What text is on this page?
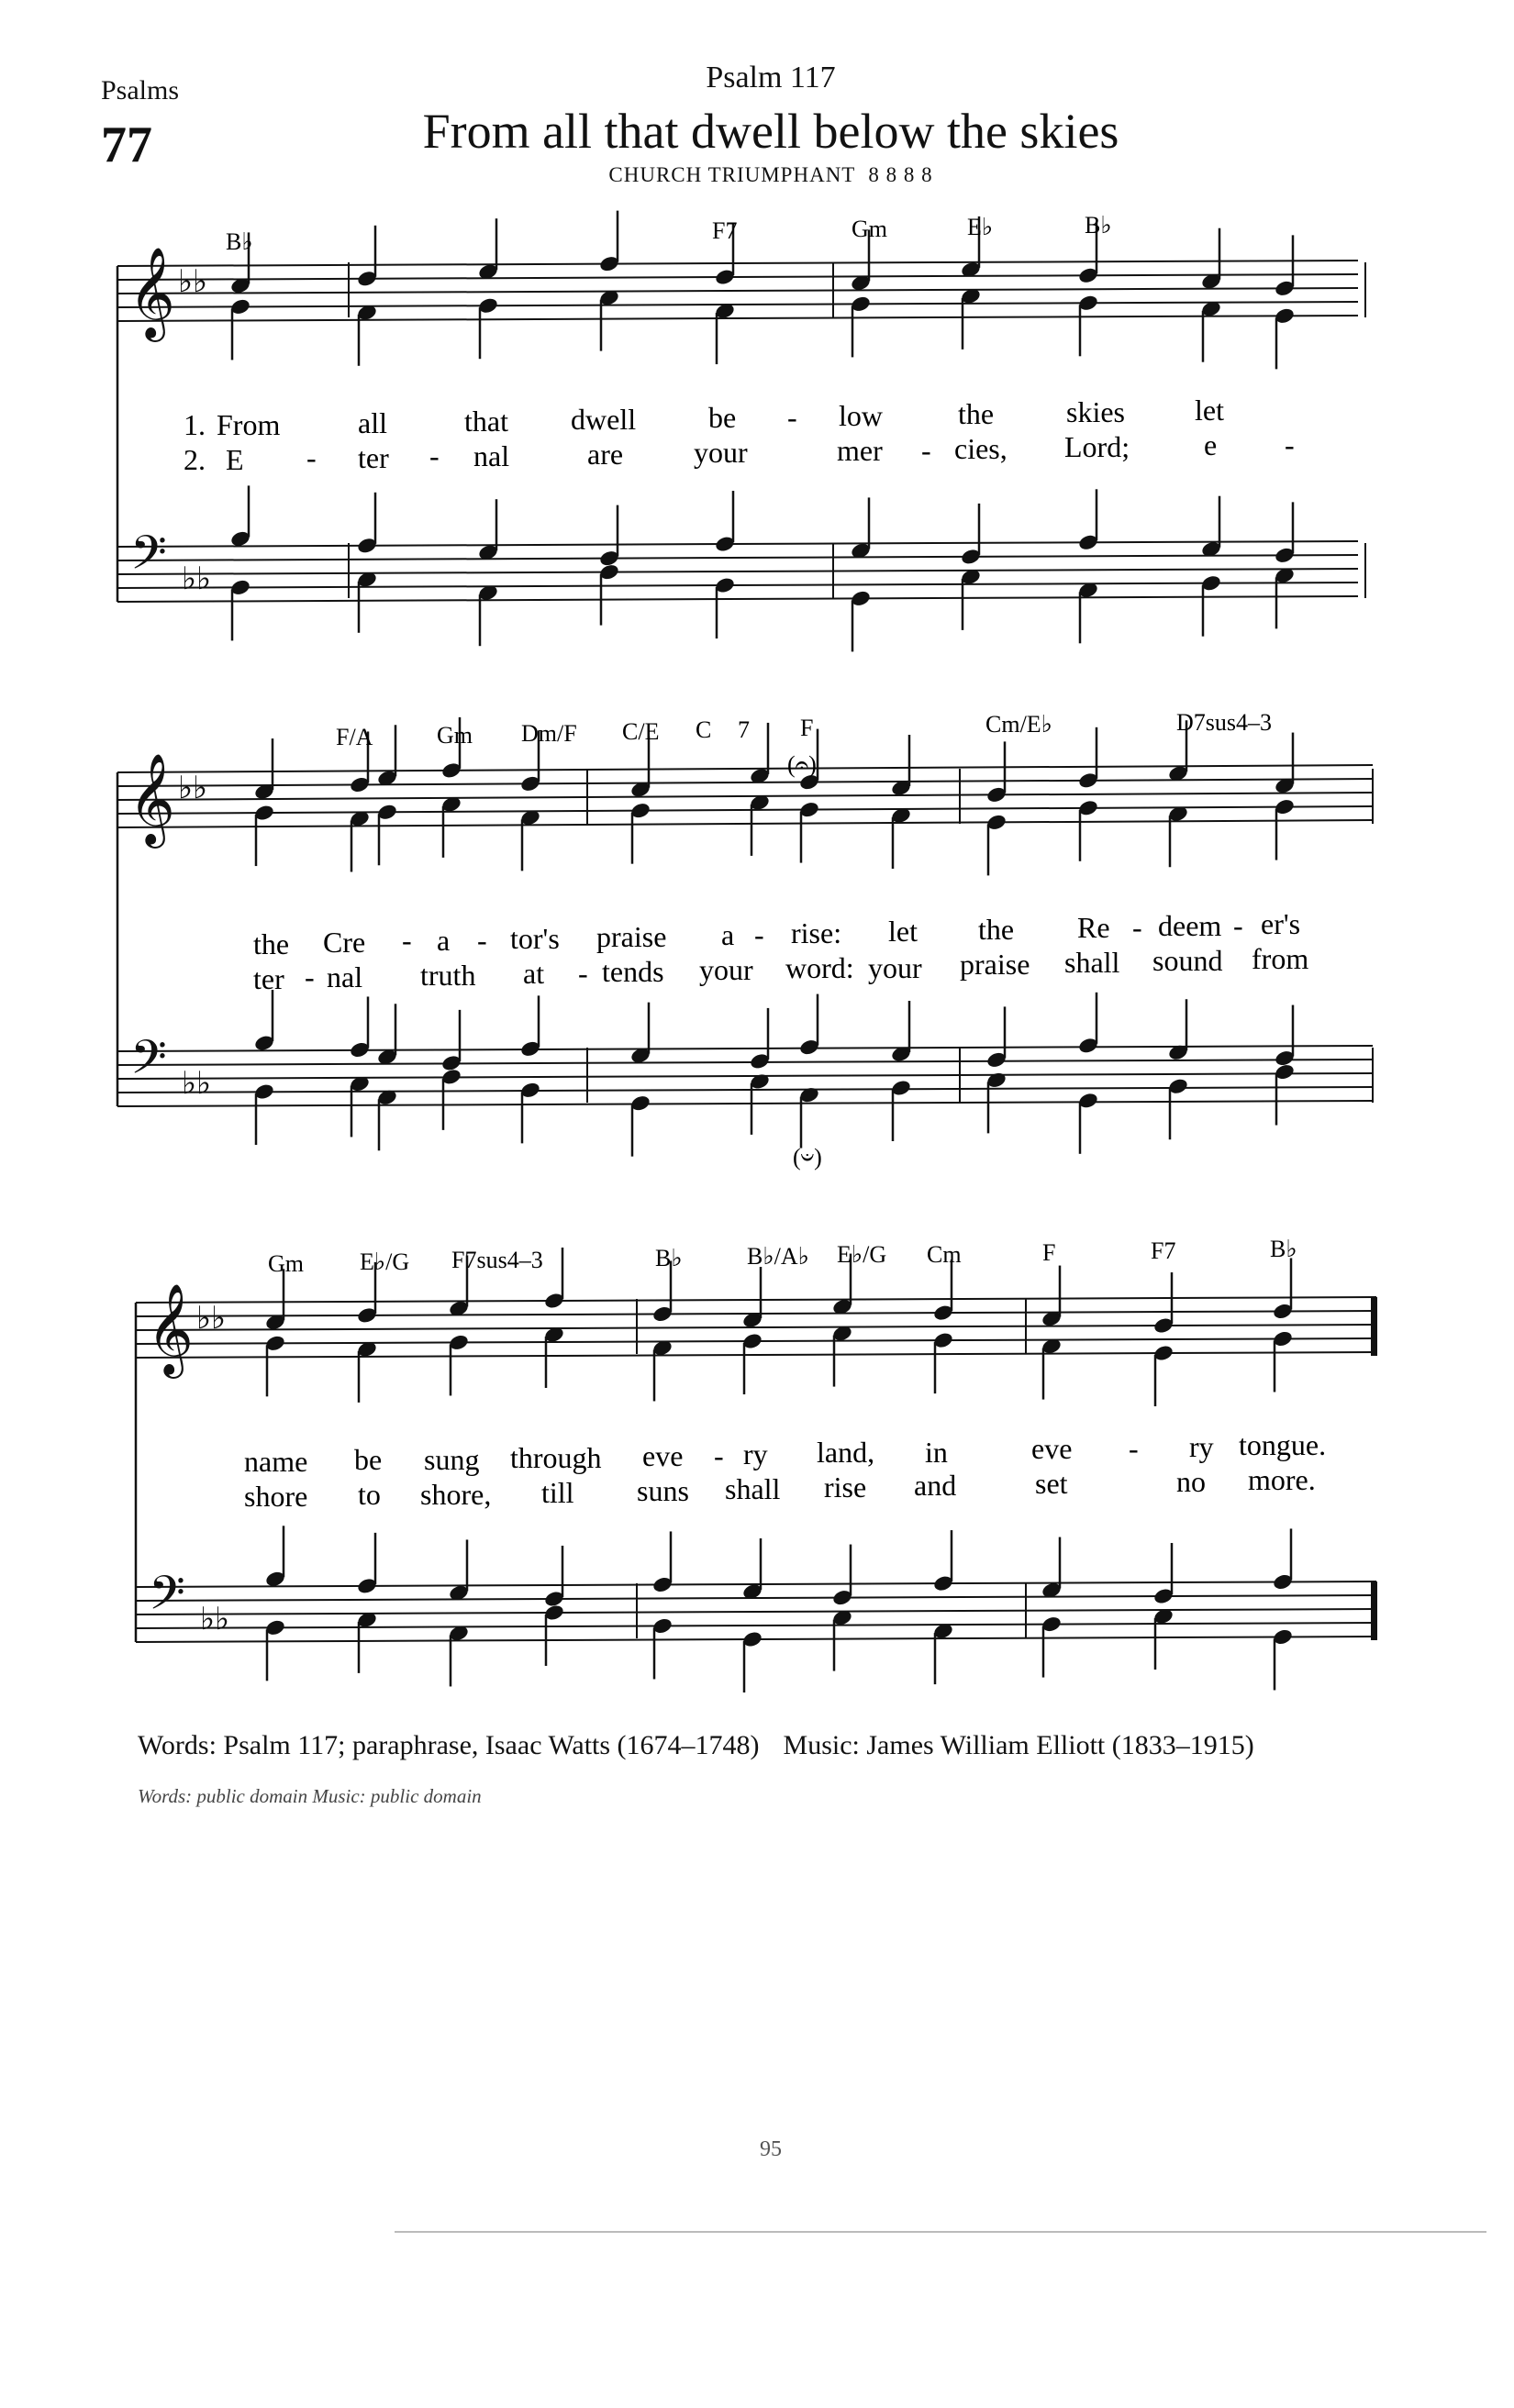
Psalms
77
Psalm 117
From all that dwell below the skies
CHURCH TRIUMPHANT 8 8 8 8
𝄞
𝄢
♭♭
♭♭
𝄞
𝄢
♭♭
♭♭
𝄞
𝄢
♭♭
♭♭
B♭	F7	Gm	E♭	B♭
1. From	all	that dwell be - low	the skies let
2. E - ter - nal	are your	mer - cies, Lord;	e -
F/A	Gm Dm/F C/E C 7 F	Cm/E♭	D7sus4–3
(𝄐)
(𝄑)
the Cre - a - tor's praise a - rise: let the Re - deem - er's
ter - nal truth at - tends your word: your praise shall sound from
Gm E♭/G F7sus4–3	B♭	B♭/A♭ E♭/G Cm	F	F7	B♭
name be sung through eve - ry land, in	eve - ry tongue.
shore to shore, till suns shall rise and	set	no more.
Words: Psalm 117; paraphrase, Isaac Watts (1674–1748) Music: James William Elliott (1833–1915)
Words: public domain Music: public domain
95
